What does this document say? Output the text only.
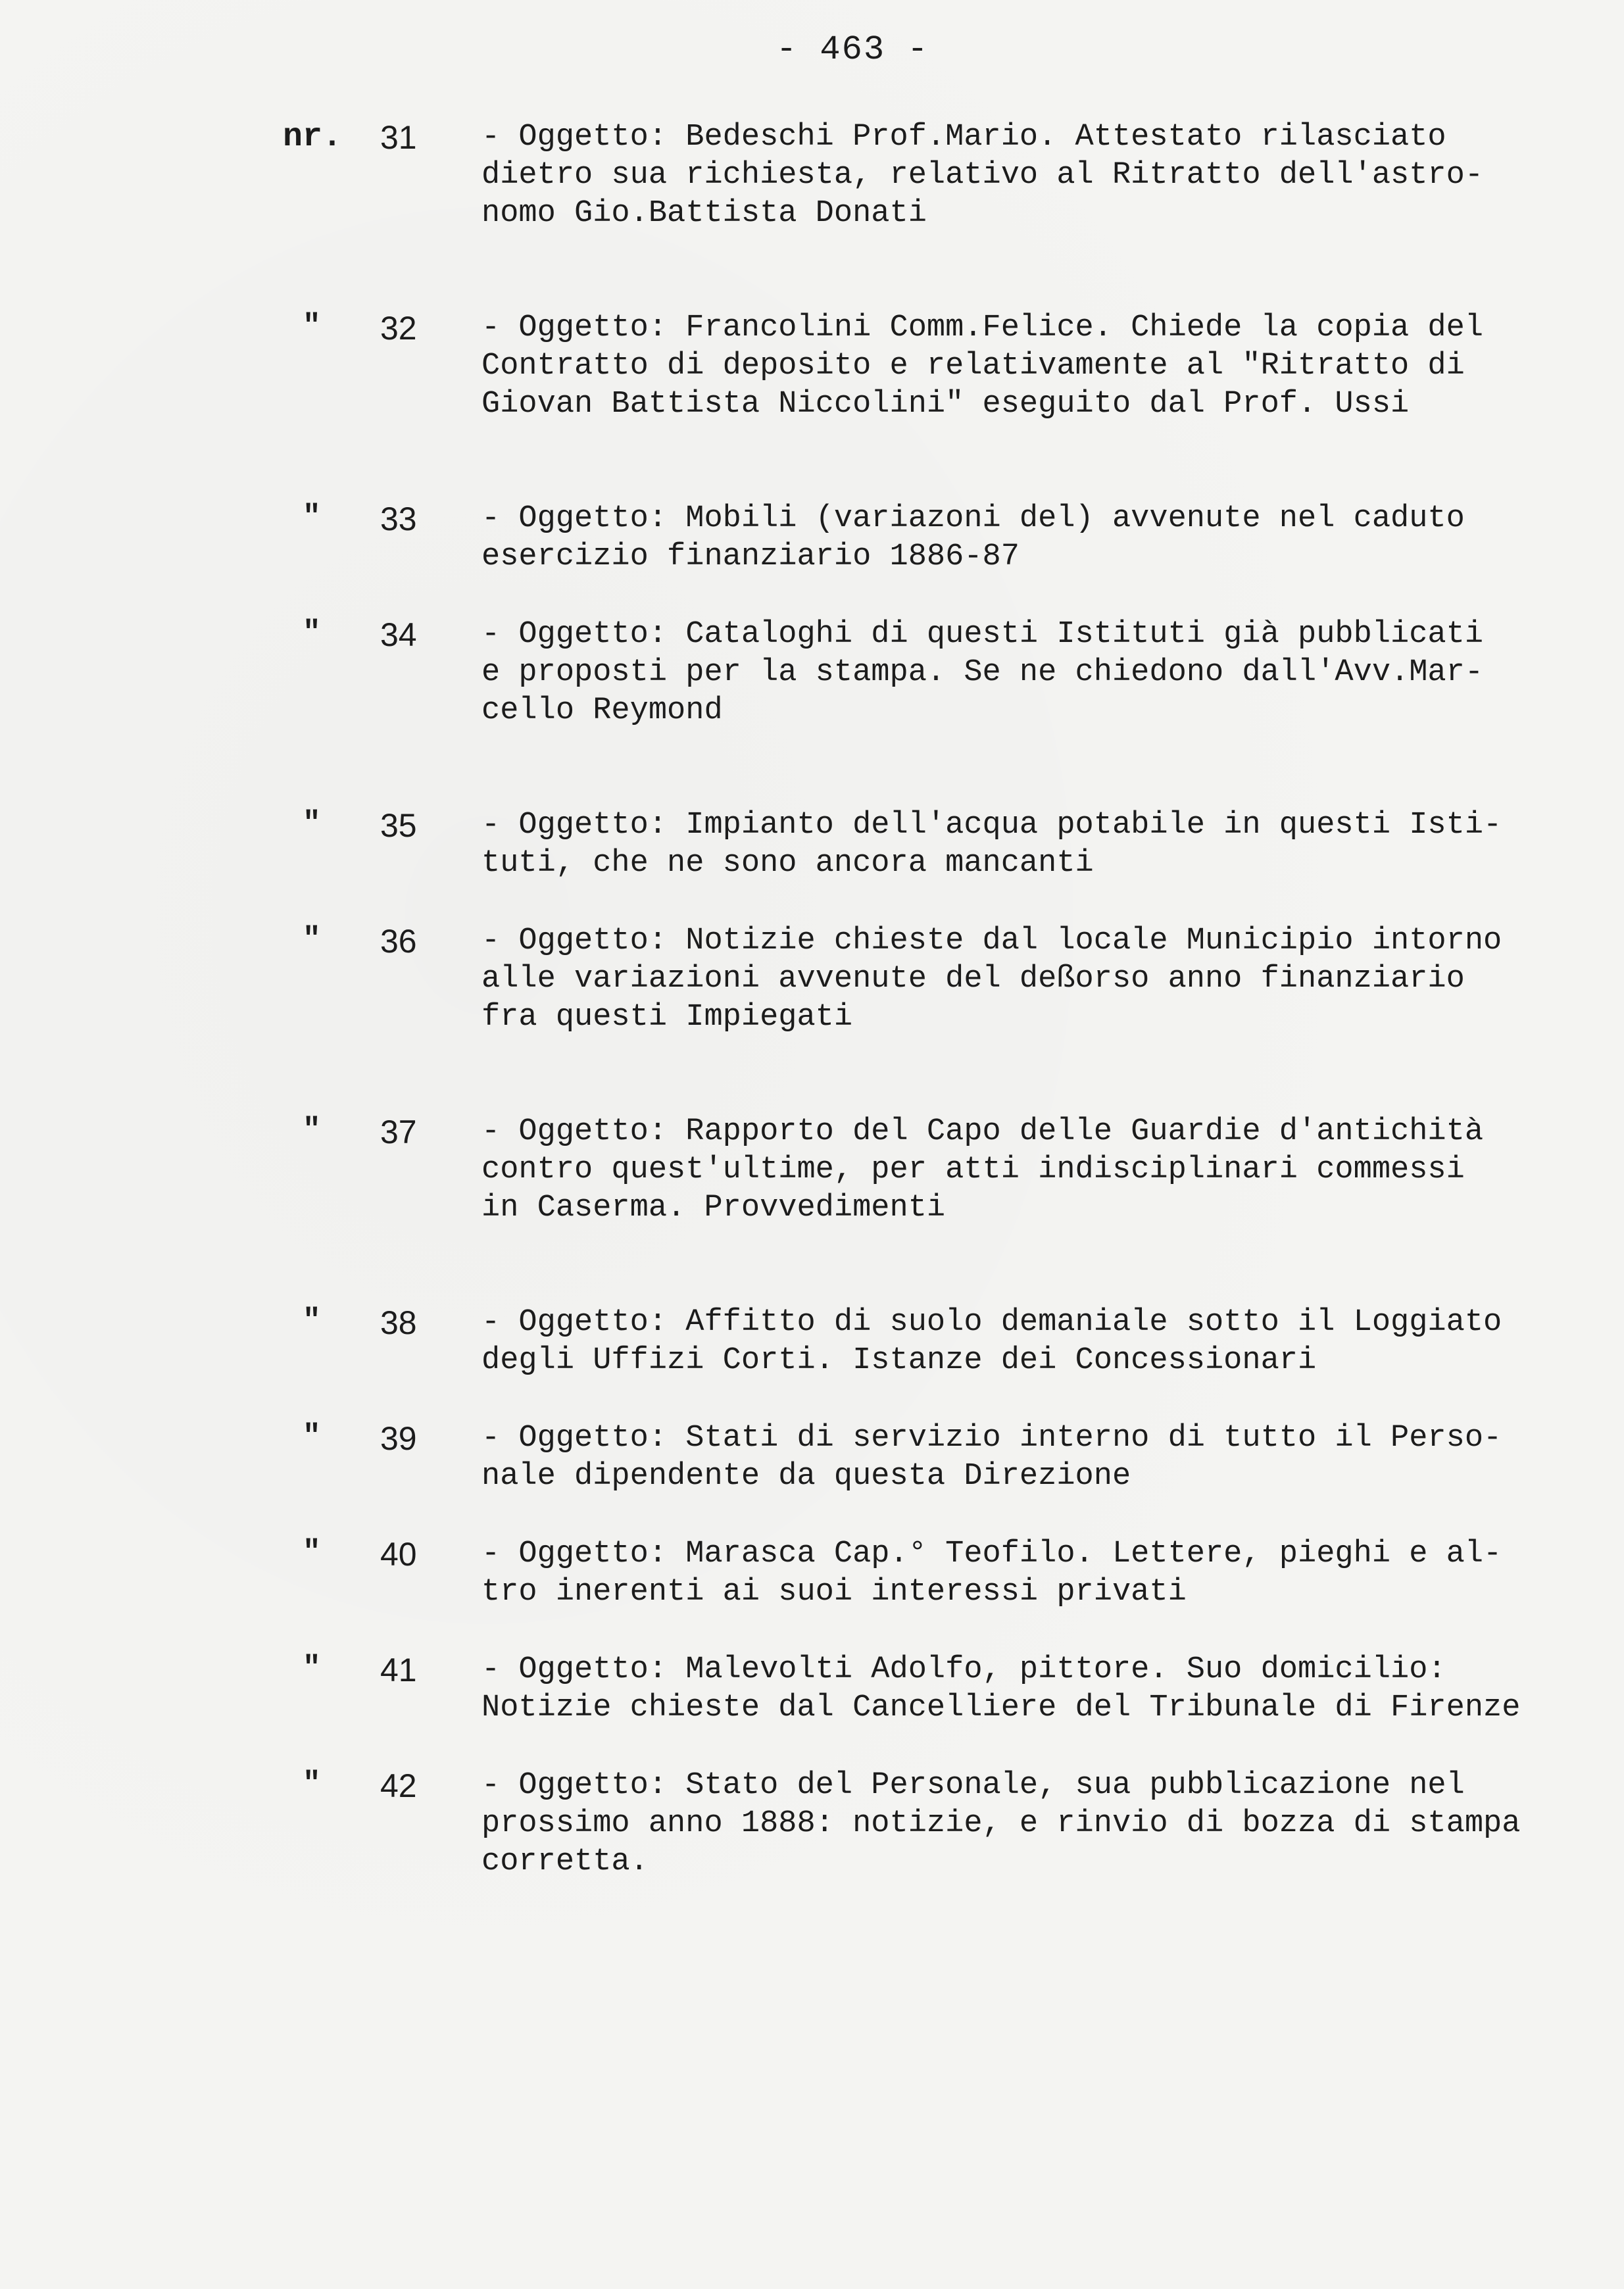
- 463 -
nr.	31 - Oggetto: Bedeschi Prof.Mario. Attestato rilasciato
dietro sua richiesta, relativo al Ritratto dell'astro-
nomo Gio.Battista Donati
"	32 - Oggetto: Francolini Comm.Felice. Chiede la copia del
Contratto di deposito e relativamente al "Ritratto di
Giovan Battista Niccolini" eseguito dal Prof. Ussi
"	33 - Oggetto: Mobili (variazoni del) avvenute nel caduto
esercizio finanziario 1886-87
"	34 - Oggetto: Cataloghi di questi Istituti già pubblicati
e proposti per la stampa. Se ne chiedono dall'Avv.Mar-
cello Reymond
"	35 - Oggetto: Impianto dell'acqua potabile in questi Isti-
tuti, che ne sono ancora mancanti
"	36 - Oggetto: Notizie chieste dal locale Municipio intorno
alle variazioni avvenute del deßorso anno finanziario
fra questi Impiegati
"	37 - Oggetto: Rapporto del Capo delle Guardie d'antichità
contro quest'ultime, per atti indisciplinari commessi
in Caserma. Provvedimenti
"	38 - Oggetto: Affitto di suolo demaniale sotto il Loggiato
degli Uffizi Corti. Istanze dei Concessionari
"	39 - Oggetto: Stati di servizio interno di tutto il Perso-
nale dipendente da questa Direzione
"	40 - Oggetto: Marasca Cap.° Teofilo. Lettere, pieghi e al-
tro inerenti ai suoi interessi privati
"	41 - Oggetto: Malevolti Adolfo, pittore. Suo domicilio:
Notizie chieste dal Cancelliere del Tribunale di Firenze
"	42 - Oggetto: Stato del Personale, sua pubblicazione nel
prossimo anno 1888: notizie, e rinvio di bozza di stampa
corretta.
